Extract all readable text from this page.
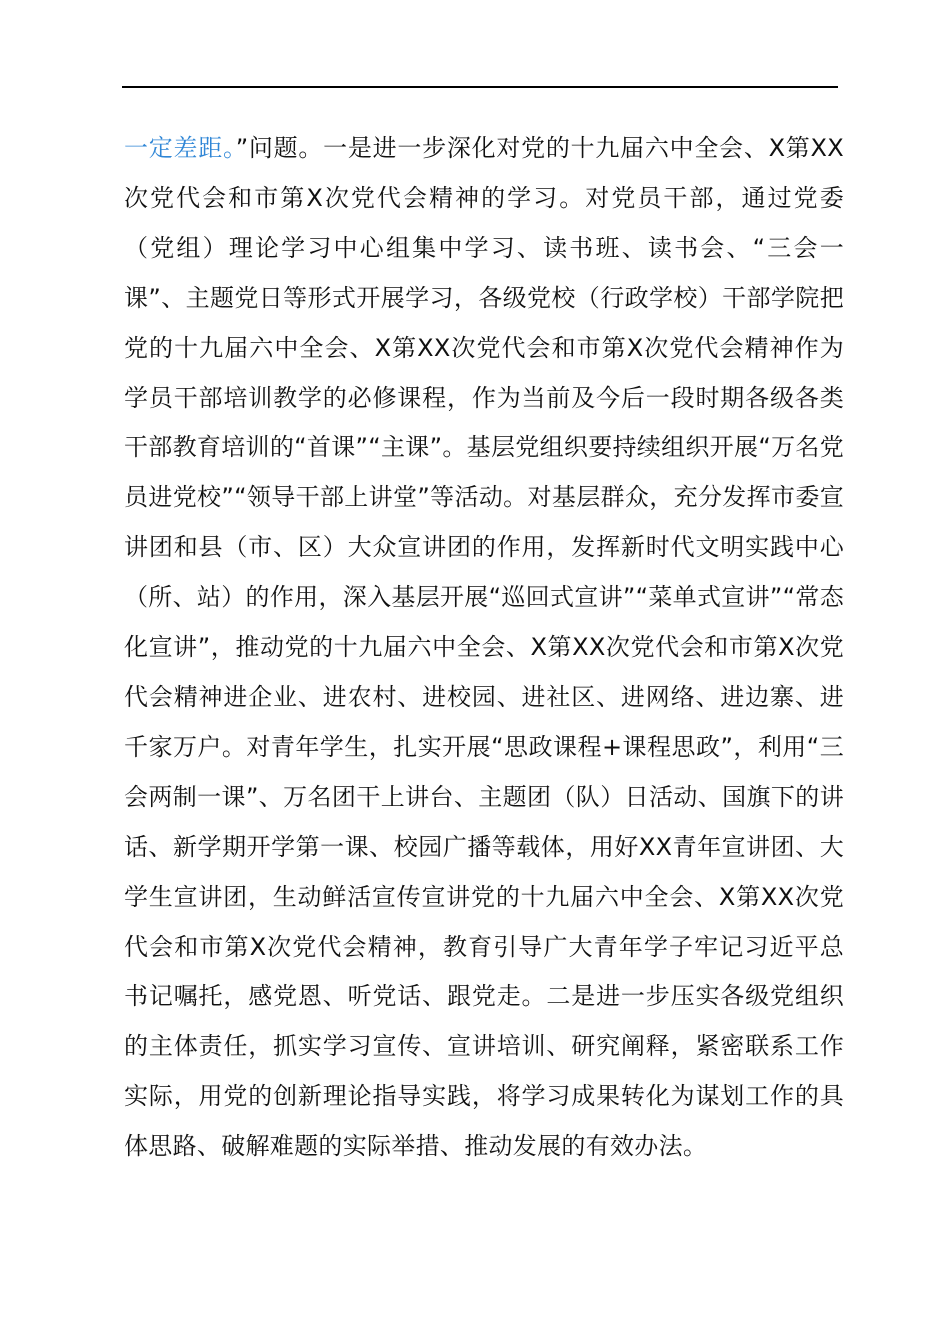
一定差距。”问题。一是进一步深化对党的十九届六中全会、X第XX次党代会和市第X次党代会精神的学习。对党员干部，通过党委（党组）理论学习中心组集中学习、读书班、读书会、“三会一课”、主题党日等形式开展学习，各级党校（行政学校）干部学院把党的十九届六中全会、X第XX次党代会和市第X次党代会精神作为学员干部培训教学的必修课程，作为当前及今后一段时期各级各类干部教育培训的“首课”“主课”。基层党组织要持续组织开展“万名党员进党校”“领导干部上讲堂”等活动。对基层群众，充分发挥市委宣讲团和县（市、区）大众宣讲团的作用，发挥新时代文明实践中心（所、站）的作用，深入基层开展“巡回式宣讲”“菜单式宣讲”“常态化宣讲”，推动党的十九届六中全会、X第XX次党代会和市第X次党代会精神进企业、进农村、进校园、进社区、进网络、进边寨、进千家万户。对青年学生，扎实开展“思政课程+课程思政”，利用“三会两制一课”、万名团干上讲台、主题团（队）日活动、国旗下的讲话、新学期开学第一课、校园广播等载体，用好XX青年宣讲团、大学生宣讲团，生动鲜活宣传宣讲党的十九届六中全会、X第XX次党代会和市第X次党代会精神，教育引导广大青年学子牢记习近平总书记嘱托，感党恩、听党话、跟党走。二是进一步压实各级党组织的主体责任，抓实学习宣传、宣讲培训、研究阐释，紧密联系工作实际，用党的创新理论指导实践，将学习成果转化为谋划工作的具体思路、破解难题的实际举措、推动发展的有效办法。
